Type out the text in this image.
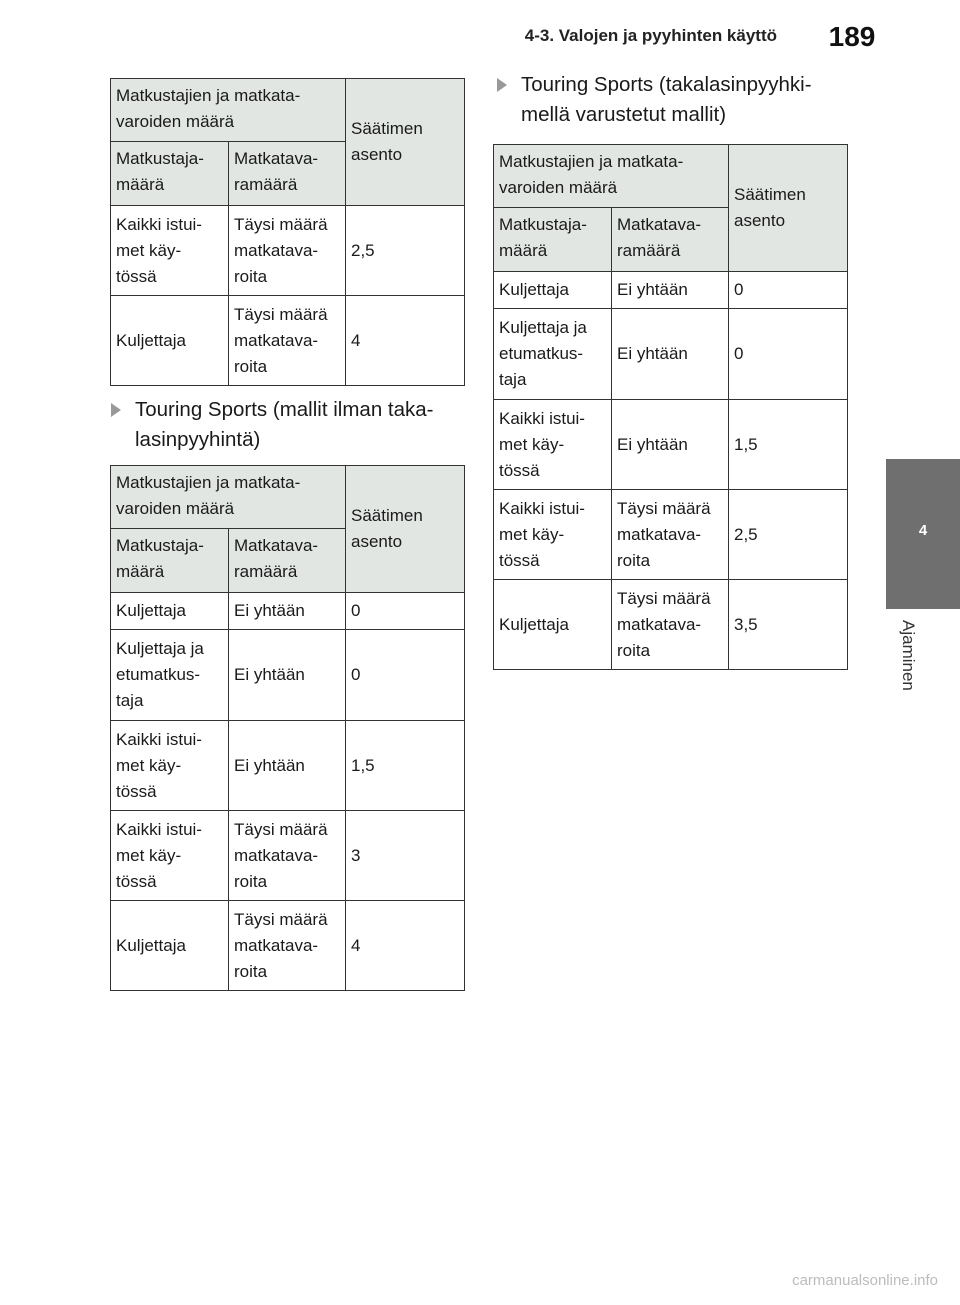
4-3. Valojen ja pyyhinten käyttö	189
4
Ajaminen
Matkustajien ja matkata-
varoiden määrä		Säätimen
asento
Matkustaja-
määrä	Matkatava-
ramäärä	
Kaikki istui-
met käy-
tössä	Täysi määrä
matkatava-
roita	2,5
Kuljettaja	Täysi määrä
matkatava-
roita	4
Touring Sports (mallit ilman taka-
lasinpyyhintä)
Matkustajien ja matkata-
varoiden määrä		Säätimen
asento
Matkustaja-
määrä	Matkatava-
ramäärä	
Kuljettaja	Ei yhtään	0
Kuljettaja ja
etumatkus-
taja	Ei yhtään	0
Kaikki istui-
met käy-
tössä	Ei yhtään	1,5
Kaikki istui-
met käy-
tössä	Täysi määrä
matkatava-
roita	3
Kuljettaja	Täysi määrä
matkatava-
roita	4
Touring Sports (takalasinpyyhki-
mellä varustetut mallit)
Matkustajien ja matkata-
varoiden määrä		Säätimen
asento
Matkustaja-
määrä	Matkatava-
ramäärä	
Kuljettaja	Ei yhtään	0
Kuljettaja ja
etumatkus-
taja	Ei yhtään	0
Kaikki istui-
met käy-
tössä	Ei yhtään	1,5
Kaikki istui-
met käy-
tössä	Täysi määrä
matkatava-
roita	2,5
Kuljettaja	Täysi määrä
matkatava-
roita	3,5
carmanualsonline.info
